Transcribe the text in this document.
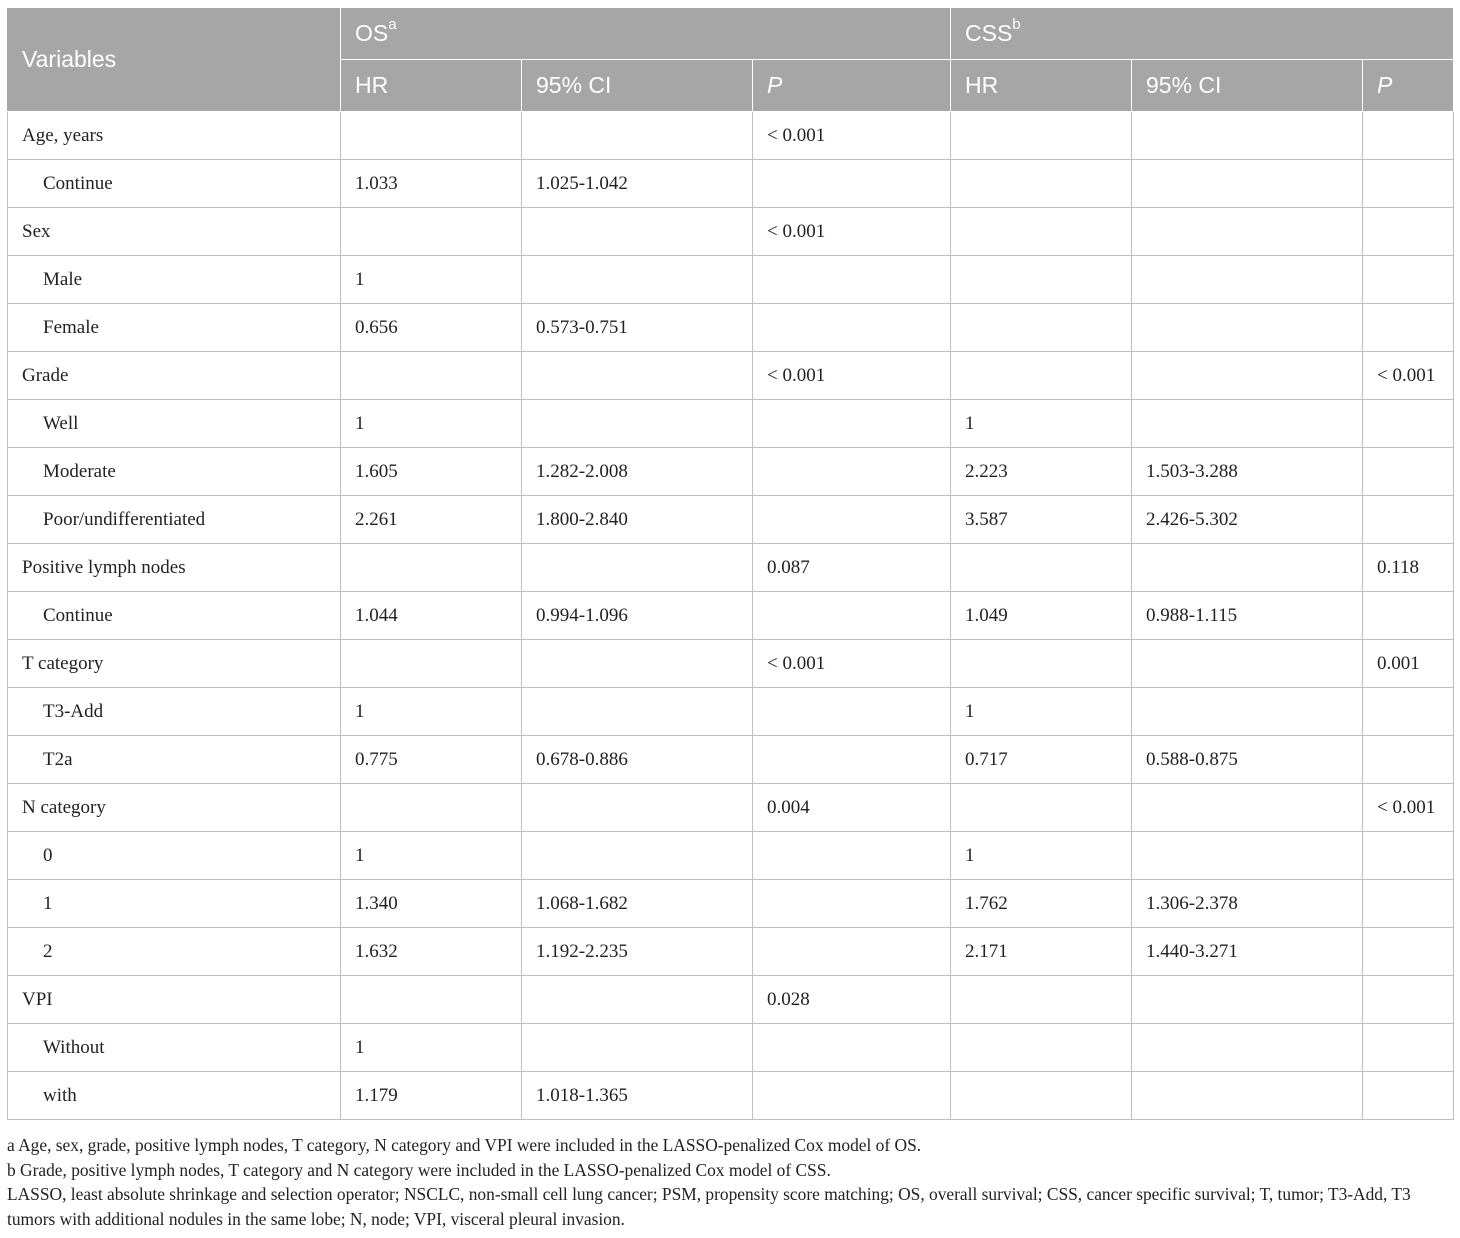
Variables	$OS^a$			CSS$^b$
	HR	95% CI	P	HR	95% CI	P
Age, years			< 0.001			
Continue	1.033	1.025-1.042				
Sex			< 0.001			
Male	1					
Female	0.656	0.573-0.751				
Grade			< 0.001			< 0.001
Well	1			1		
Moderate	1.605	1.282-2.008		2.223	1.503-3.288	
Poor/undifferentiated	2.261	1.800-2.840		3.587	2.426-5.302	
Positive lymph nodes			0.087			0.118
Continue	1.044	0.994-1.096		1.049	0.988-1.115	
T category			< 0.001			0.001
T3-Add	1			1		
T2a	0.775	0.678-0.886		0.717	0.588-0.875	
N category			0.004			< 0.001
0	1			1		
1	1.340	1.068-1.682		1.762	1.306-2.378	
2	1.632	1.192-2.235		2.171	1.440-3.271	
VPI			0.028			
Without	1					
with	1.179	1.018-1.365				

a Age, sex, grade, positive lymph nodes, T category, N category and VPI were included in the LASSO-penalized Cox model of OS.

b Grade, positive lymph nodes, T category and N category were included in the LASSO-penalized Cox model of CSS.

LASSO, least absolute shrinkage and selection operator; NSCLC, non-small cell lung cancer; PSM, propensity score matching; OS, overall survival; CSS, cancer specific survival; T, tumor; T3-Add, T3 tumors with additional nodules in the same lobe; N, node; VPI, visceral pleural invasion.
